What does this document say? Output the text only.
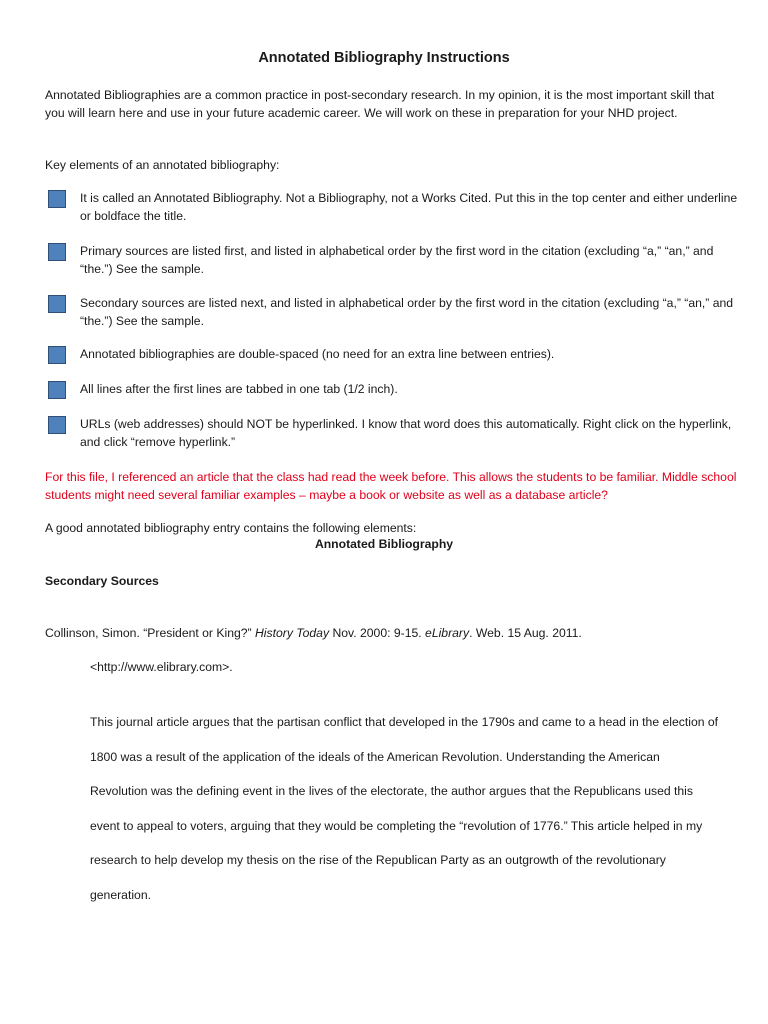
Annotated Bibliography Instructions
Annotated Bibliographies are a common practice in post-secondary research. In my opinion, it is the most important skill that you will learn here and use in your future academic career. We will work on these in preparation for your NHD project.
Key elements of an annotated bibliography:
It is called an Annotated Bibliography. Not a Bibliography, not a Works Cited. Put this in the top center and either underline or boldface the title.
Primary sources are listed first, and listed in alphabetical order by the first word in the citation (excluding “a,” “an,” and “the.”) See the sample.
Secondary sources are listed next, and listed in alphabetical order by the first word in the citation (excluding “a,” “an,” and “the.”) See the sample.
Annotated bibliographies are double-spaced (no need for an extra line between entries).
All lines after the first lines are tabbed in one tab (1/2 inch).
URLs (web addresses) should NOT be hyperlinked. I know that word does this automatically. Right click on the hyperlink, and click “remove hyperlink.”
For this file, I referenced an article that the class had read the week before. This allows the students to be familiar. Middle school students might need several familiar examples – maybe a book or website as well as a database article?
A good annotated bibliography entry contains the following elements:
Annotated Bibliography
Secondary Sources
Collinson, Simon. “President or King?” History Today Nov. 2000: 9-15. eLibrary. Web. 15 Aug. 2011.
<http://www.elibrary.com>.
This journal article argues that the partisan conflict that developed in the 1790s and came to a head in the election of 1800 was a result of the application of the ideals of the American Revolution. Understanding the American Revolution was the defining event in the lives of the electorate, the author argues that the Republicans used this event to appeal to voters, arguing that they would be completing the “revolution of 1776.” This article helped in my research to help develop my thesis on the rise of the Republican Party as an outgrowth of the revolutionary generation.
